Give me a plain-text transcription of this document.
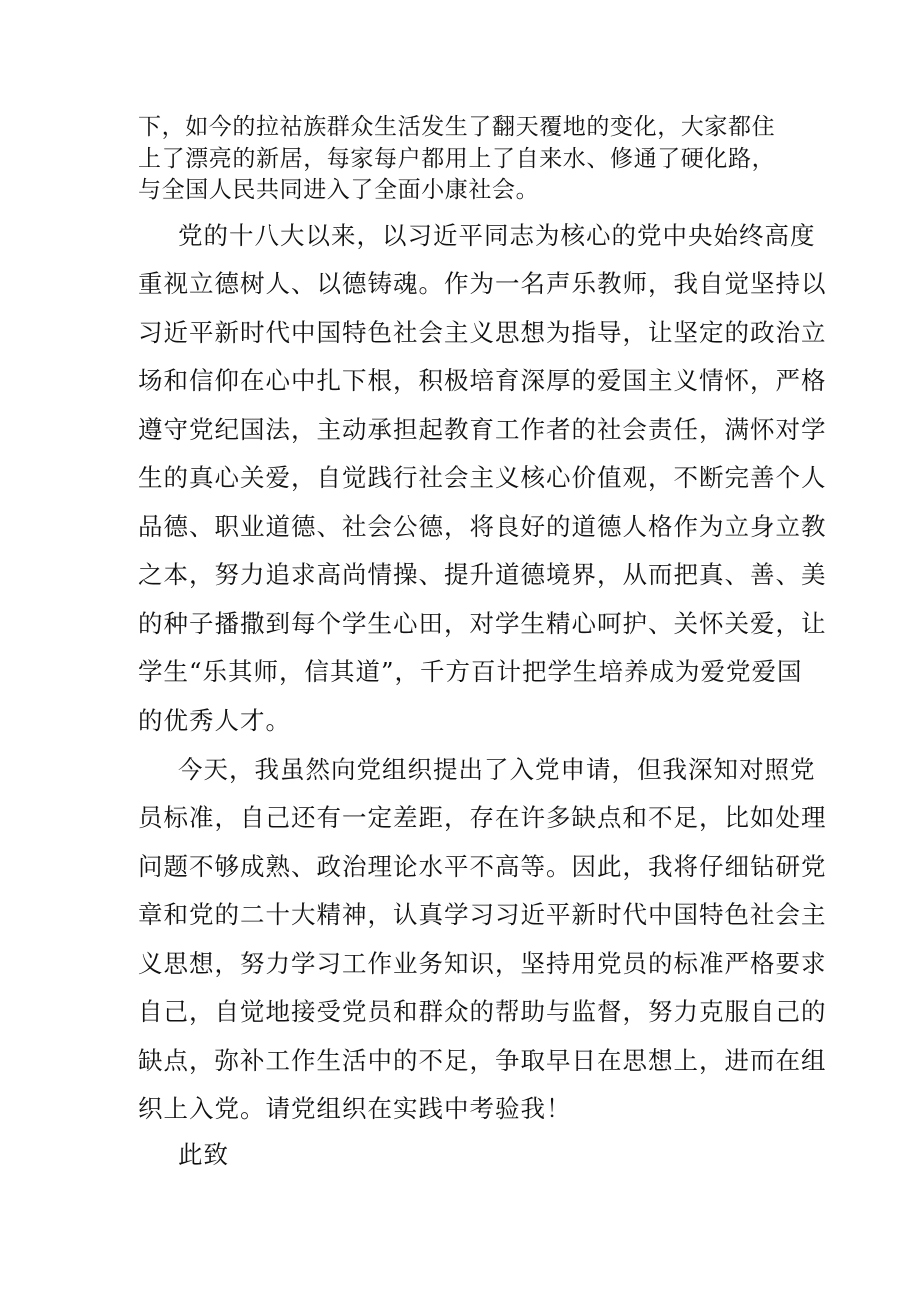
下，如今的拉祜族群众生活发生了翻天覆地的变化，大家都住
上了漂亮的新居，每家每户都用上了自来水、修通了硬化路，
与全国人民共同进入了全面小康社会。
党的十八大以来，以习近平同志为核心的党中央始终高度
重视立德树人、以德铸魂。作为一名声乐教师，我自觉坚持以
习近平新时代中国特色社会主义思想为指导，让坚定的政治立
场和信仰在心中扎下根，积极培育深厚的爱国主义情怀，严格
遵守党纪国法，主动承担起教育工作者的社会责任，满怀对学
生的真心关爱，自觉践行社会主义核心价值观，不断完善个人
品德、职业道德、社会公德，将良好的道德人格作为立身立教
之本，努力追求高尚情操、提升道德境界，从而把真、善、美
的种子播撒到每个学生心田，对学生精心呵护、关怀关爱，让
学生“乐其师，信其道”，千方百计把学生培养成为爱党爱国
的优秀人才。
今天，我虽然向党组织提出了入党申请，但我深知对照党
员标准，自己还有一定差距，存在许多缺点和不足，比如处理
问题不够成熟、政治理论水平不高等。因此，我将仔细钻研党
章和党的二十大精神，认真学习习近平新时代中国特色社会主
义思想，努力学习工作业务知识，坚持用党员的标准严格要求
自己，自觉地接受党员和群众的帮助与监督，努力克服自己的
缺点，弥补工作生活中的不足，争取早日在思想上，进而在组
织上入党。请党组织在实践中考验我！
此致
